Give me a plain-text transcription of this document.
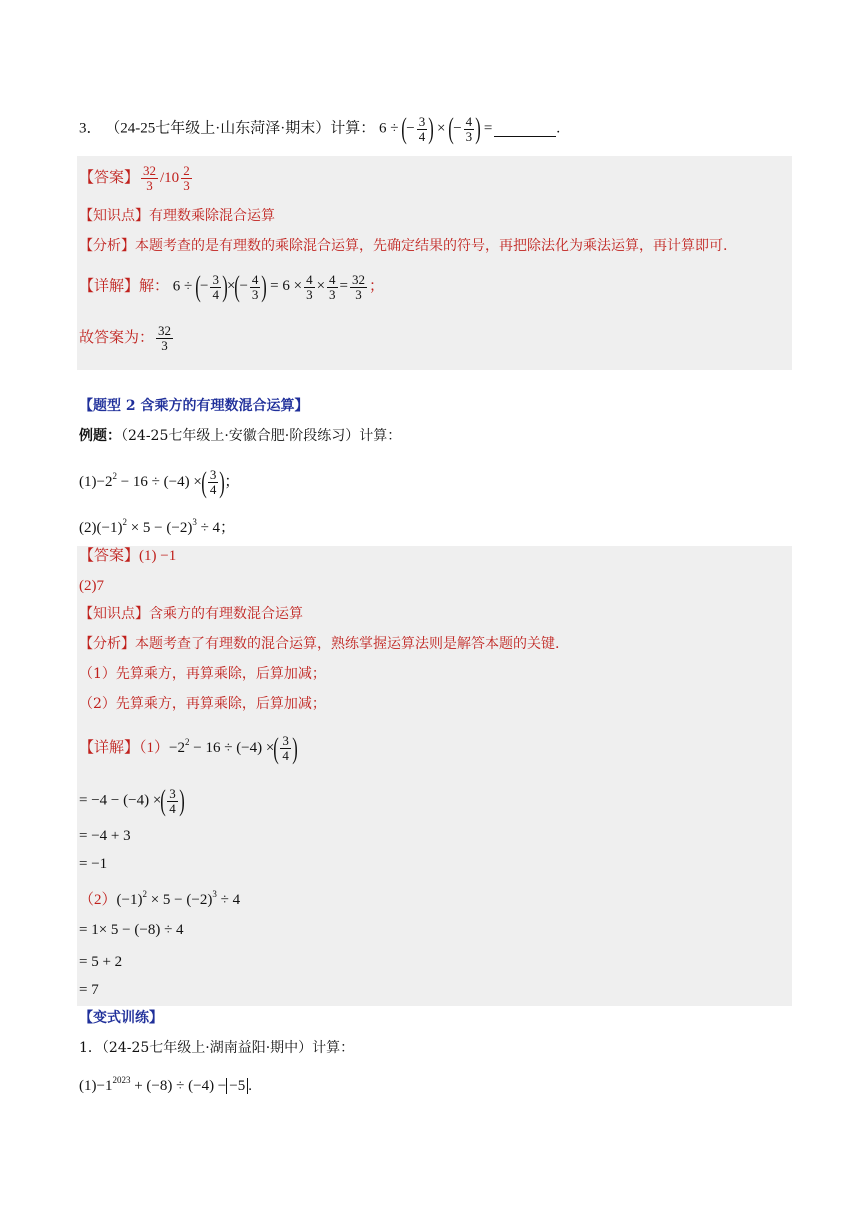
3． （24-25七年级上·山东菏泽·期末）计算： 6 ÷ (− $\frac{3}{4}$ ) × (− $\frac{4}{3}$ ) =	.
【答案】 $\frac{32}{3} /10 \frac{2}{3}$
【知识点】有理数乘除混合运算
【分析】本题考查的是有理数的乘除混合运算，先确定结果的符号，再把除法化为乘法运算，再计算即可.
【详解】解： 6 ÷ (− $\frac{3}{4}$ )×(− $\frac{4}{3}$ ) = $6 \times \frac{4}{3} \times \frac{4}{3} = \frac{32}{3}$ ；
故答案为： $\frac{32}{3}$
【题型 2 含乘方的有理数混合运算】
例题：（24-25七年级上·安徽合肥·阶段练习）计算：
$(1)-2^2 - 16 \div (-4)$ ×( $\frac{3}{4}$ )；
$(2)(-1)^2 \times 5 - (-2)^3 \div 4$；
【答案】(1) −1
(2)7
【知识点】含乘方的有理数混合运算
【分析】本题考查了有理数的混合运算，熟练掌握运算法则是解答本题的关键.
（1）先算乘方，再算乘除，后算加减；
（2）先算乘方，再算乘除，后算加减；
【详解】$(1)-2^2 - 16 \div (-4)$ ×( $\frac{3}{4}$ )
= −4 − (−4) ×( $\frac{3}{4}$ )
= −4 + 3
= −1
$(2)(-1)^2 \times 5 - (-2)^3 \div 4$
= 1× 5 − (−8) ÷ 4
= 5 + 2
= 7
【变式训练】
1．（24-25七年级上·湖南益阳·期中）计算：
$(1)-1^{2023} + (-8) \div (-4) - -5$ .
